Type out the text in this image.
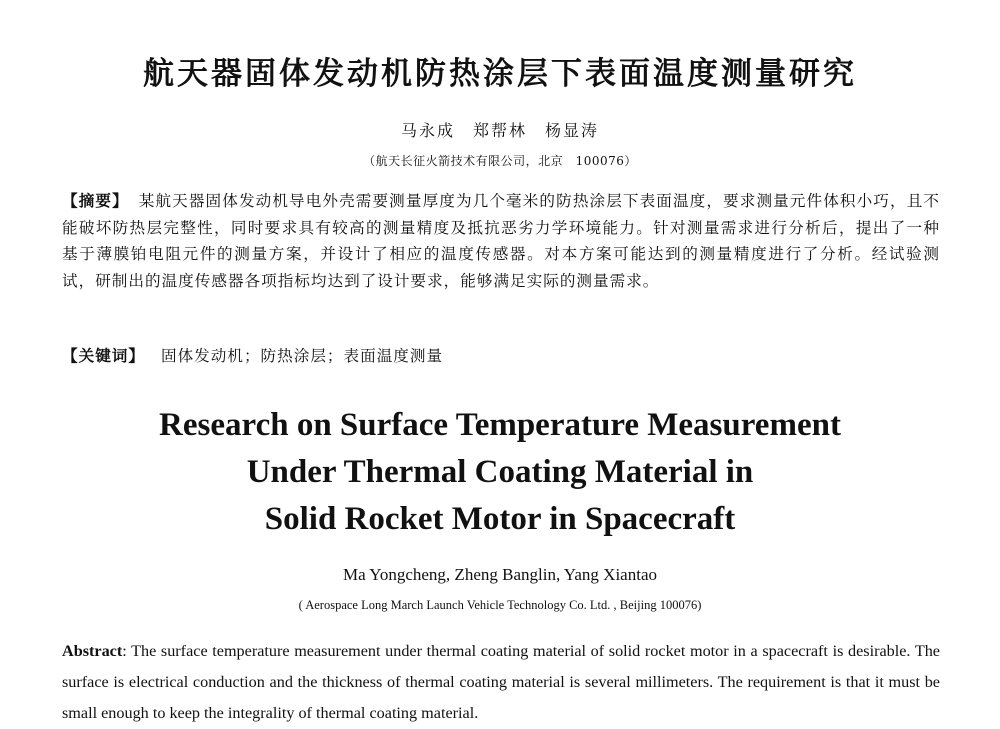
航天器固体发动机防热涂层下表面温度测量研究
马永成　郑帮林　杨显涛
（航天长征火箭技术有限公司，北京　100076）
【摘要】 某航天器固体发动机导电外壳需要测量厚度为几个毫米的防热涂层下表面温度，要求测量元件体积小巧，且不能破坏防热层完整性，同时要求具有较高的测量精度及抵抗恶劣力学环境能力。针对测量需求进行分析后，提出了一种基于薄膜铂电阻元件的测量方案，并设计了相应的温度传感器。对本方案可能达到的测量精度进行了分析。经试验测试，研制出的温度传感器各项指标均达到了设计要求，能够满足实际的测量需求。
【关键词】 固体发动机；防热涂层；表面温度测量
Research on Surface Temperature Measurement
Under Thermal Coating Material in
Solid Rocket Motor in Spacecraft
Ma Yongcheng, Zheng Banglin, Yang Xiantao
( Aerospace Long March Launch Vehicle Technology Co. Ltd. , Beijing 100076)
Abstract: The surface temperature measurement under thermal coating material of solid rocket motor in a spacecraft is desirable. The surface is electrical conduction and the thickness of thermal coating material is several millimeters. The requirement is that it must be small enough to keep the integrality of thermal coating material.
